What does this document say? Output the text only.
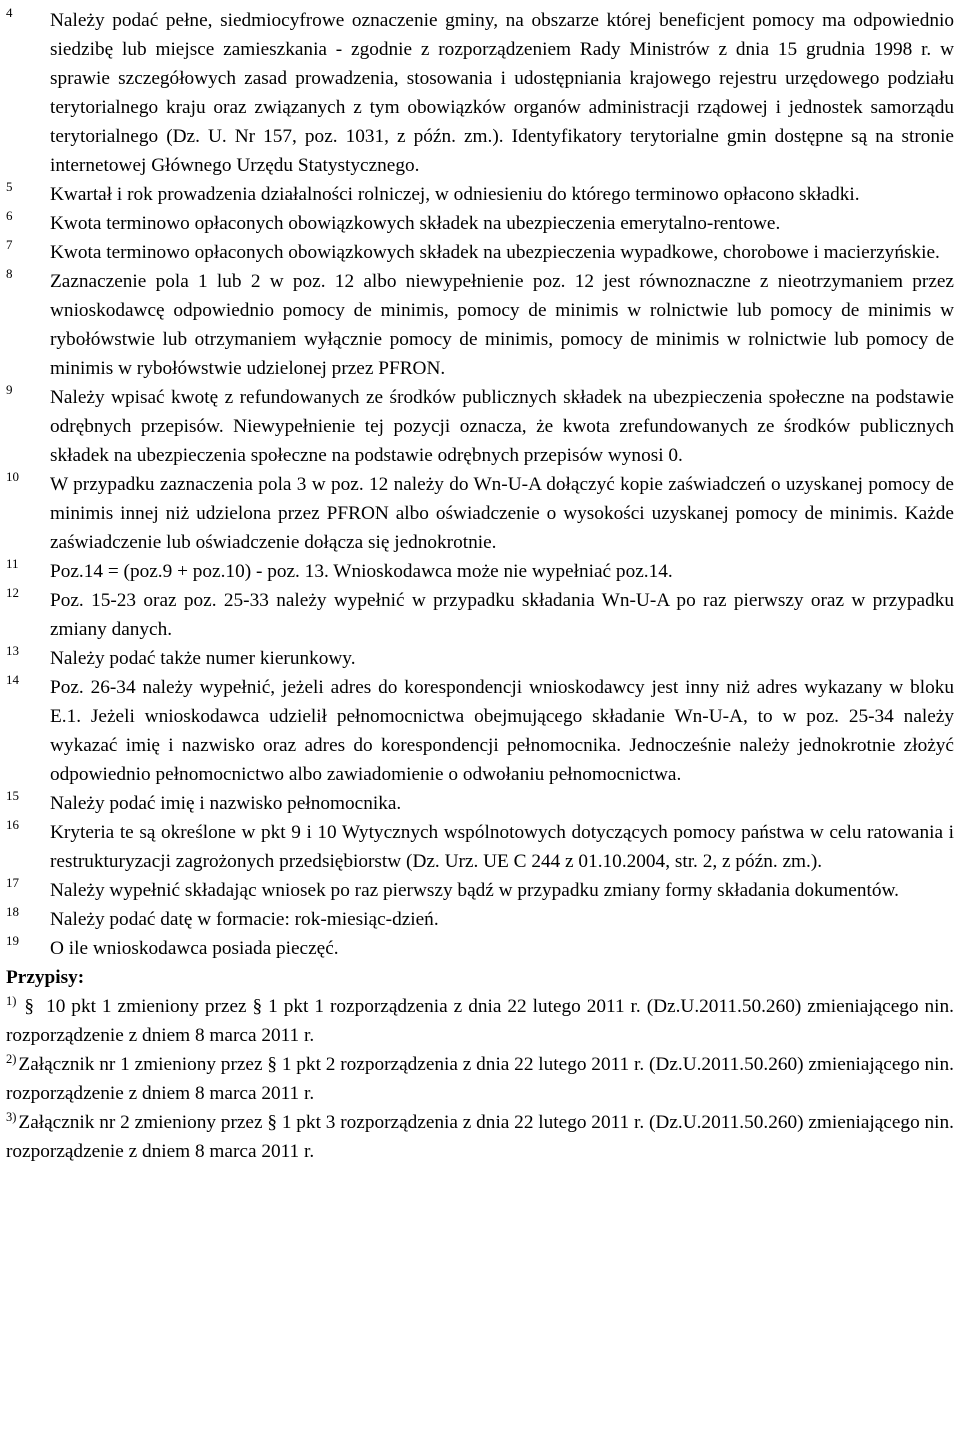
4	Należy podać pełne, siedmiocyfrowe oznaczenie gminy, na obszarze której beneficjent pomocy ma odpowiednio siedzibę lub miejsce zamieszkania - zgodnie z rozporządzeniem Rady Ministrów z dnia 15 grudnia 1998 r. w sprawie szczegółowych zasad prowadzenia, stosowania i udostępniania krajowego rejestru urzędowego podziału terytorialnego kraju oraz związanych z tym obowiązków organów administracji rządowej i jednostek samorządu terytorialnego (Dz. U. Nr 157, poz. 1031, z późn. zm.). Identyfikatory terytorialne gmin dostępne są na stronie internetowej Głównego Urzędu Statystycznego.
5	Kwartał i rok prowadzenia działalności rolniczej, w odniesieniu do którego terminowo opłacono składki.
6	Kwota terminowo opłaconych obowiązkowych składek na ubezpieczenia emerytalno-rentowe.
7	Kwota terminowo opłaconych obowiązkowych składek na ubezpieczenia wypadkowe, chorobowe i macierzyńskie.
8	Zaznaczenie pola 1 lub 2 w poz. 12 albo niewypełnienie poz. 12 jest równoznaczne z nieotrzymaniem przez wnioskodawcę odpowiednio pomocy de minimis, pomocy de minimis w rolnictwie lub pomocy de minimis w rybołówstwie lub otrzymaniem wyłącznie pomocy de minimis, pomocy de minimis w rolnictwie lub pomocy de minimis w rybołówstwie udzielonej przez PFRON.
9	Należy wpisać kwotę z refundowanych ze środków publicznych składek na ubezpieczenia społeczne na podstawie odrębnych przepisów. Niewypełnienie tej pozycji oznacza, że kwota zrefundowanych ze środków publicznych składek na ubezpieczenia społeczne na podstawie odrębnych przepisów wynosi 0.
10	W przypadku zaznaczenia pola 3 w poz. 12 należy do Wn-U-A dołączyć kopie zaświadczeń o uzyskanej pomocy de minimis innej niż udzielona przez PFRON albo oświadczenie o wysokości uzyskanej pomocy de minimis. Każde zaświadczenie lub oświadczenie dołącza się jednokrotnie.
11	Poz.14 = (poz.9 + poz.10) - poz. 13. Wnioskodawca może nie wypełniać poz.14.
12	Poz. 15-23 oraz poz. 25-33 należy wypełnić w przypadku składania Wn-U-A po raz pierwszy oraz w przypadku zmiany danych.
13	Należy podać także numer kierunkowy.
14	Poz. 26-34 należy wypełnić, jeżeli adres do korespondencji wnioskodawcy jest inny niż adres wykazany w bloku E.1. Jeżeli wnioskodawca udzielił pełnomocnictwa obejmującego składanie Wn-U-A, to w poz. 25-34 należy wykazać imię i nazwisko oraz adres do korespondencji pełnomocnika. Jednocześnie należy jednokrotnie złożyć odpowiednio pełnomocnictwo albo zawiadomienie o odwołaniu pełnomocnictwa.
15	Należy podać imię i nazwisko pełnomocnika.
16	Kryteria te są określone w pkt 9 i 10 Wytycznych wspólnotowych dotyczących pomocy państwa w celu ratowania i restrukturyzacji zagrożonych przedsiębiorstw (Dz. Urz. UE C 244 z 01.10.2004, str. 2, z późn. zm.).
17	Należy wypełnić składając wniosek po raz pierwszy bądź w przypadku zmiany formy składania dokumentów.
18	Należy podać datę w formacie: rok-miesiąc-dzień.
19	O ile wnioskodawca posiada pieczęć.
Przypisy:
$^{1)}$ § 10 pkt 1 zmieniony przez § 1 pkt 1 rozporządzenia z dnia 22 lutego 2011 r. (Dz.U.2011.50.260) zmieniającego nin. rozporządzenie z dniem 8 marca 2011 r.
$^{2)}$ Załącznik nr 1 zmieniony przez § 1 pkt 2 rozporządzenia z dnia 22 lutego 2011 r. (Dz.U.2011.50.260) zmieniającego nin. rozporządzenie z dniem 8 marca 2011 r.
$^{3)}$ Załącznik nr 2 zmieniony przez § 1 pkt 3 rozporządzenia z dnia 22 lutego 2011 r. (Dz.U.2011.50.260) zmieniającego nin. rozporządzenie z dniem 8 marca 2011 r.
